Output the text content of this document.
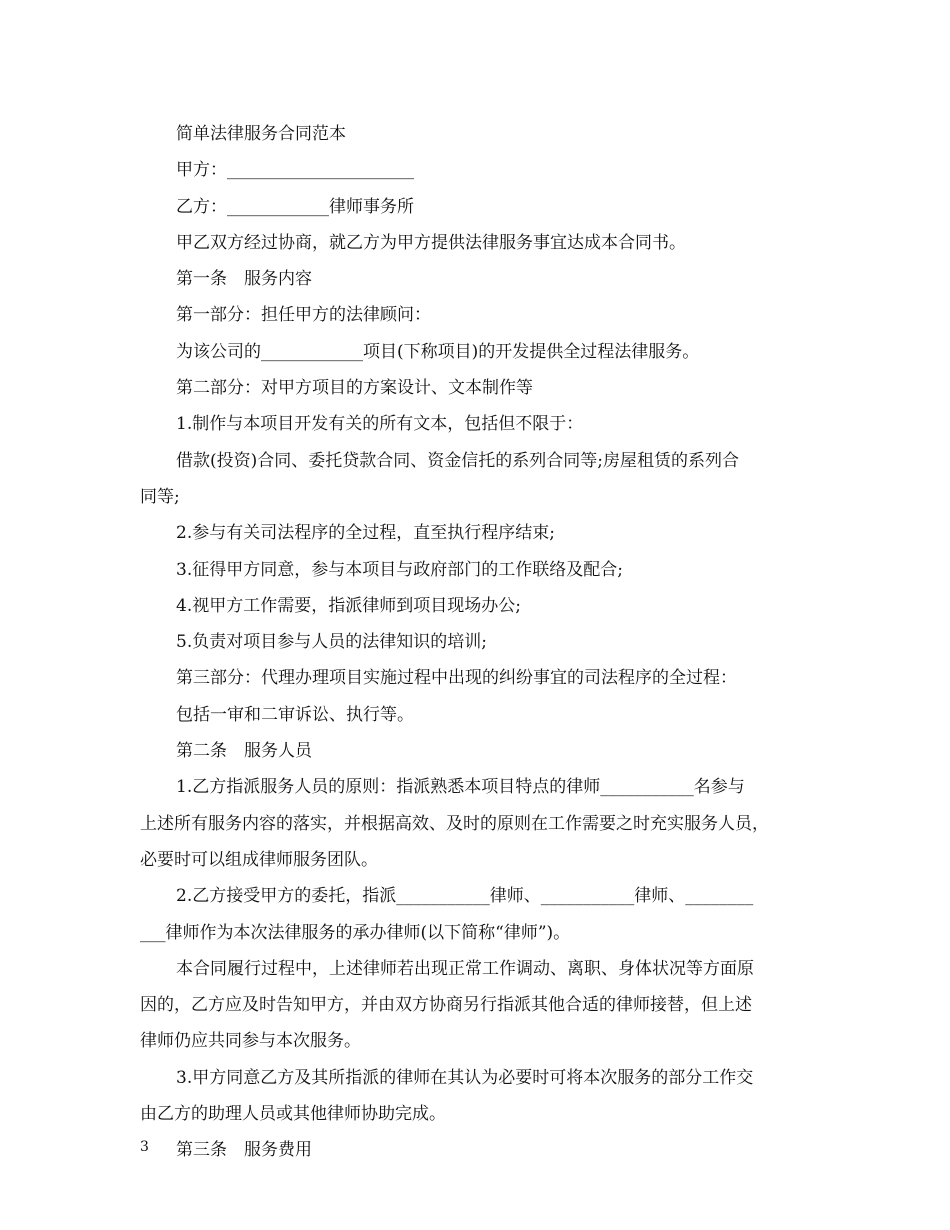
简单法律服务合同范本
甲方：______________________
乙方：____________律师事务所
甲乙双方经过协商，就乙方为甲方提供法律服务事宜达成本合同书。
第一条　服务内容
第一部分：担任甲方的法律顾问：
为该公司的____________项目(下称项目)的开发提供全过程法律服务。
第二部分：对甲方项目的方案设计、文本制作等
1.制作与本项目开发有关的所有文本，包括但不限于：
借款(投资)合同、委托贷款合同、资金信托的系列合同等;房屋租赁的系列合
同等;
2.参与有关司法程序的全过程，直至执行程序结束;
3.征得甲方同意，参与本项目与政府部门的工作联络及配合;
4.视甲方工作需要，指派律师到项目现场办公;
5.负责对项目参与人员的法律知识的培训;
第三部分：代理办理项目实施过程中出现的纠纷事宜的司法程序的全过程：
包括一审和二审诉讼、执行等。
第二条　服务人员
1.乙方指派服务人员的原则：指派熟悉本项目特点的律师___________名参与
上述所有服务内容的落实，并根据高效、及时的原则在工作需要之时充实服务人员，
必要时可以组成律师服务团队。
2.乙方接受甲方的委托，指派___________律师、___________律师、________
___律师作为本次法律服务的承办律师(以下简称“律师”)。
本合同履行过程中，上述律师若出现正常工作调动、离职、身体状况等方面原
因的，乙方应及时告知甲方，并由双方协商另行指派其他合适的律师接替，但上述
律师仍应共同参与本次服务。
3.甲方同意乙方及其所指派的律师在其认为必要时可将本次服务的部分工作交
由乙方的助理人员或其他律师协助完成。
第三条　服务费用
3
